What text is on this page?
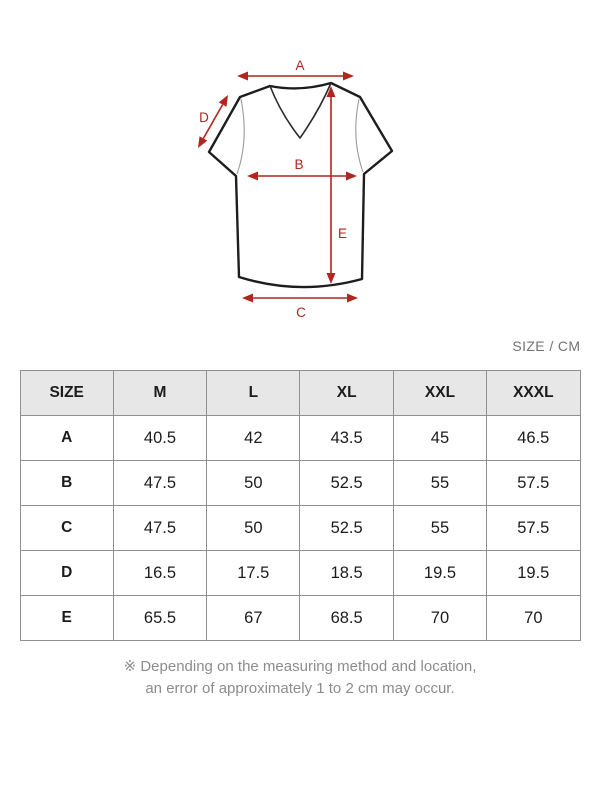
A
D
B
E
C
SIZE / CM
SIZE	M	L	XL	XXL	XXXL
A	40.5	42	43.5	45	46.5
B	47.5	50	52.5	55	57.5
C	47.5	50	52.5	55	57.5
D	16.5	17.5	18.5	19.5	19.5
E	65.5	67	68.5	70	70
※ Depending on the measuring method and location,
an error of approximately 1 to 2 cm may occur.
